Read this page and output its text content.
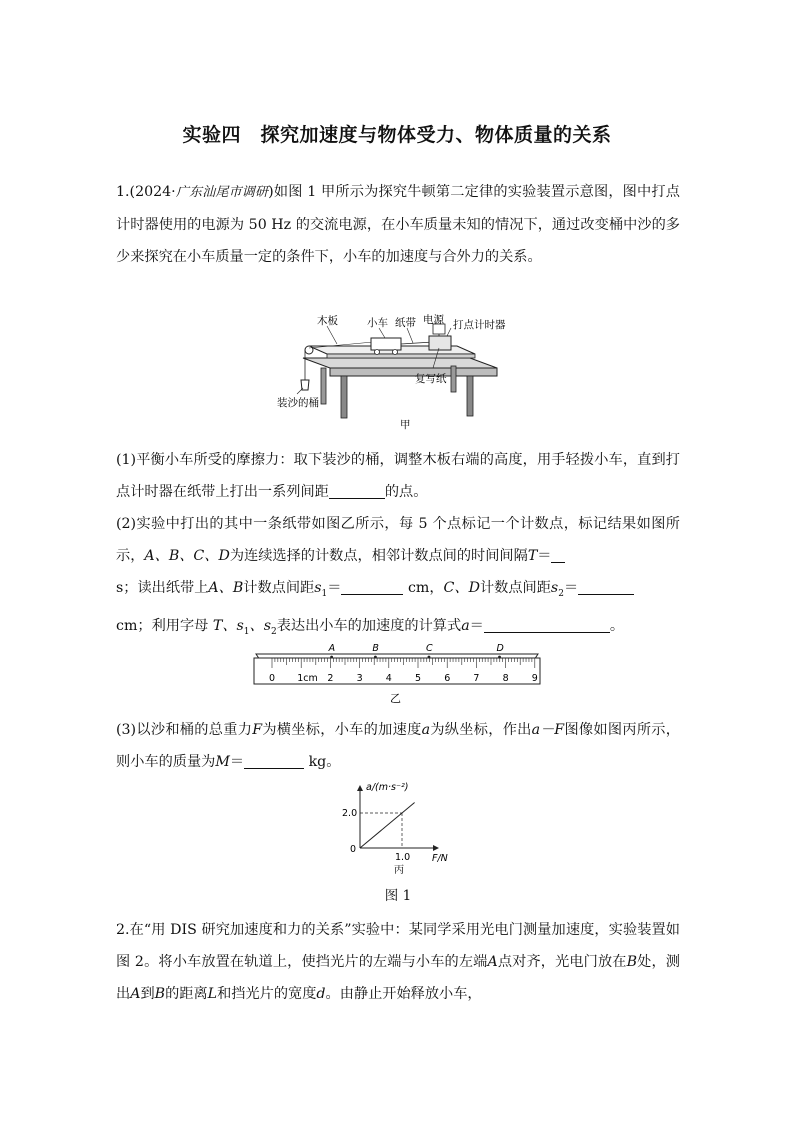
实验四　探究加速度与物体受力、物体质量的关系
1.(2024·广东汕尾市调研)如图 1 甲所示为探究牛顿第二定律的实验装置示意图，图中打点计时器使用的电源为 50 Hz 的交流电源，在小车质量未知的情况下，通过改变桶中沙的多少来探究在小车质量一定的条件下，小车的加速度与合外力的关系。
木板	小车 纸带 电源 打点计时器
复写纸
装沙的桶
甲
(1)平衡小车所受的摩擦力：取下装沙的桶，调整木板右端的高度，用手轻拨小车，直到打点计时器在纸带上打出一系列间距	的点。
(2)实验中打出的其中一条纸带如图乙所示，每 5 个点标记一个计数点，标记结果如图所示，A、B、C、D为连续选择的计数点，相邻计数点间的时间间隔T＝
s；读出纸带上A、B计数点间距$s_1=$	cm，C、D计数点间距$s_2=$
cm；利用字母 T、$s_1$、$s_2$表达出小车的加速度的计算式a＝	。
0 1cm 2 3 4 5 6 7 8 9
A	B	C	D
乙
(3)以沙和桶的总重力F为横坐标，小车的加速度a为纵坐标，作出a－F图像如图丙所示，则小车的质量为M＝	kg。
a/(m·s⁻²)
F/N
2.0
1.0
0
丙
图 1
2.在“用 DIS 研究加速度和力的关系”实验中：某同学采用光电门测量加速度，实验装置如图 2。将小车放置在轨道上，使挡光片的左端与小车的左端A点对齐，光电门放在B处，测出A到B的距离L和挡光片的宽度d。由静止开始释放小车，
